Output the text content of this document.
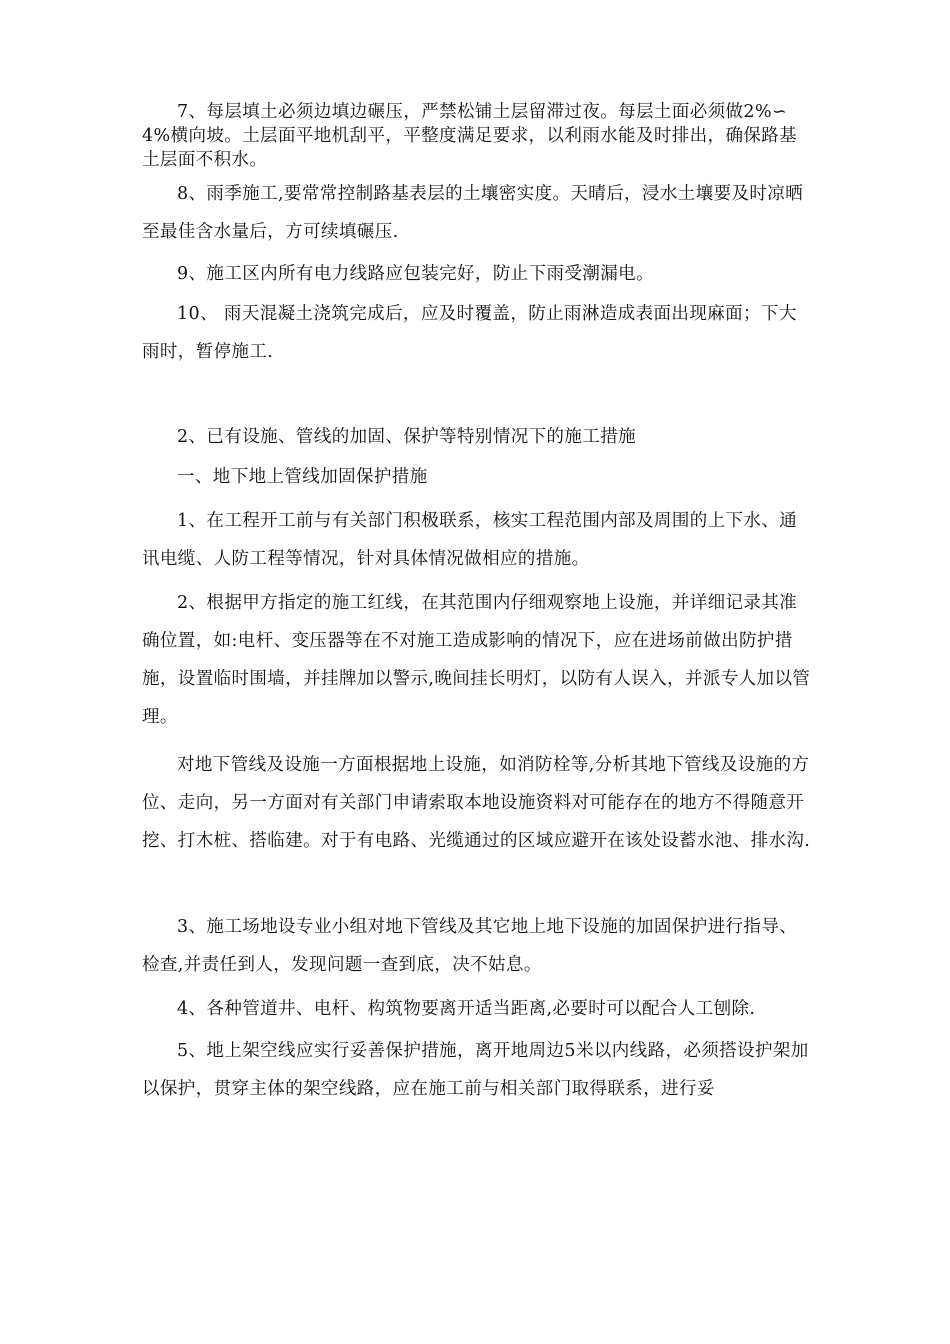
7、每层填土必须边填边碾压，严禁松铺土层留滞过夜。每层土面必须做2%∽4%横向坡。土层面平地机刮平，平整度满足要求，以利雨水能及时排出，确保路基土层面不积水。

8、雨季施工,要常常控制路基表层的土壤密实度。天晴后，浸水土壤要及时凉晒至最佳含水量后，方可续填碾压.

9、施工区内所有电力线路应包装完好，防止下雨受潮漏电。

10、 雨天混凝土浇筑完成后，应及时覆盖，防止雨淋造成表面出现麻面；下大雨时，暂停施工.

2、已有设施、管线的加固、保护等特别情况下的施工措施

一、地下地上管线加固保护措施

1、在工程开工前与有关部门积极联系，核实工程范围内部及周围的上下水、通讯电缆、人防工程等情况，针对具体情况做相应的措施。

2、根据甲方指定的施工红线，在其范围内仔细观察地上设施，并详细记录其准确位置，如:电杆、变压器等在不对施工造成影响的情况下，应在进场前做出防护措施，设置临时围墙，并挂牌加以警示,晚间挂长明灯，以防有人误入，并派专人加以管理。

对地下管线及设施一方面根据地上设施，如消防栓等,分析其地下管线及设施的方位、走向，另一方面对有关部门申请索取本地设施资料对可能存在的地方不得随意开挖、打木桩、搭临建。对于有电路、光缆通过的区域应避开在该处设蓄水池、排水沟.

3、施工场地设专业小组对地下管线及其它地上地下设施的加固保护进行指导、检查,并责任到人，发现问题一查到底，决不姑息。

4、各种管道井、电杆、构筑物要离开适当距离,必要时可以配合人工刨除.

5、地上架空线应实行妥善保护措施，离开地周边5米以内线路，必须搭设护架加以保护，贯穿主体的架空线路，应在施工前与相关部门取得联系，进行妥
